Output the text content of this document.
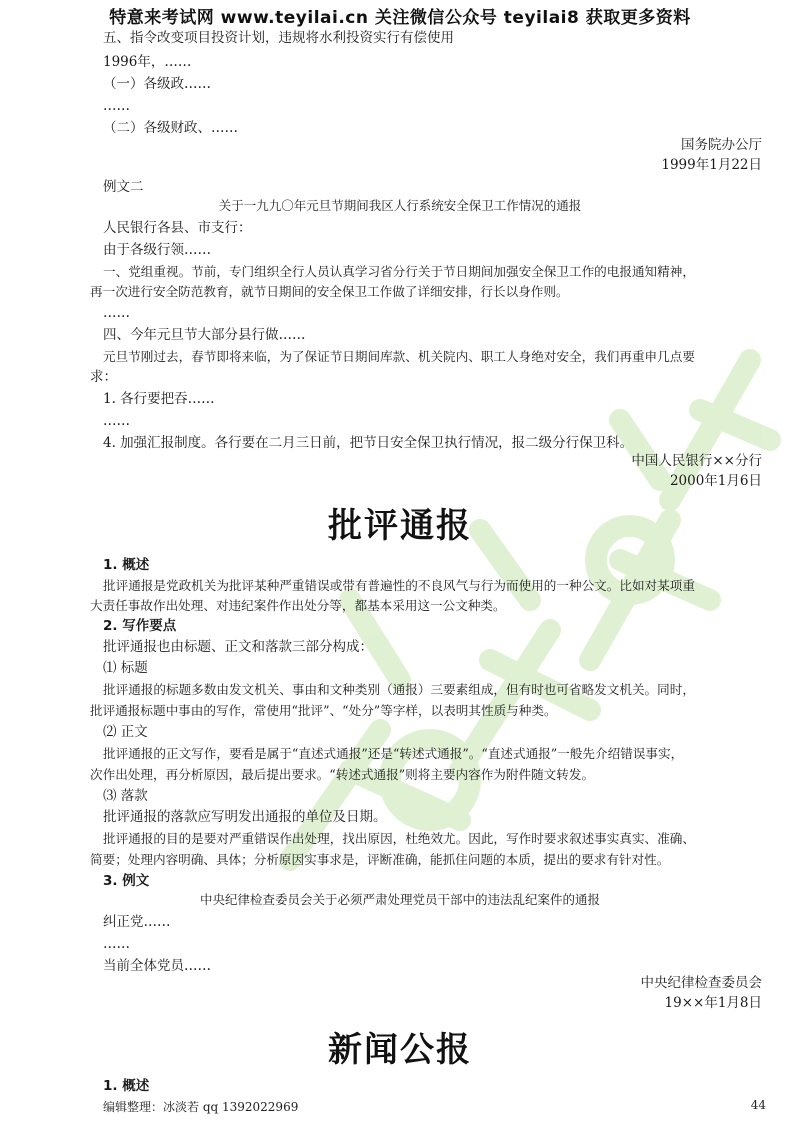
特意来考试网 www.teyilai.cn 关注微信公众号 teyilai8 获取更多资料
五、指令改变项目投资计划，违规将水利投资实行有偿使用
1996年，……
（一）各级政……
……
（二）各级财政、……
国务院办公厅
1999年1月22日
例文二
关于一九九〇年元旦节期间我区人行系统安全保卫工作情况的通报
人民银行各县、市支行：
由于各级行领……
一、党组重视。节前，专门组织全行人员认真学习省分行关于节日期间加强安全保卫工作的电报通知精神，
再一次进行安全防范教育，就节日期间的安全保卫工作做了详细安排，行长以身作则。
……
四、今年元旦节大部分县行做……
元旦节刚过去，春节即将来临，为了保证节日期间库款、机关院内、职工人身绝对安全，我们再重申几点要
求：
1. 各行要把吞……
……
4. 加强汇报制度。各行要在二月三日前，把节日安全保卫执行情况，报二级分行保卫科。
中国人民银行××分行
2000年1月6日
批评通报
1. 概述
批评通报是党政机关为批评某种严重错误或带有普遍性的不良风气与行为而使用的一种公文。比如对某项重
大责任事故作出处理、对违纪案件作出处分等，都基本采用这一公文种类。
2. 写作要点
批评通报也由标题、正文和落款三部分构成：
⑴ 标题
批评通报的标题多数由发文机关、事由和文种类别（通报）三要素组成，但有时也可省略发文机关。同时，
批评通报标题中事由的写作，常使用“批评”、“处分”等字样，以表明其性质与种类。
⑵ 正文
批评通报的正文写作，要看是属于“直述式通报”还是“转述式通报”。“直述式通报”一般先介绍错误事实，
次作出处理，再分析原因，最后提出要求。“转述式通报”则将主要内容作为附件随文转发。
⑶ 落款
批评通报的落款应写明发出通报的单位及日期。
批评通报的目的是要对严重错误作出处理，找出原因，杜绝效尤。因此，写作时要求叙述事实真实、准确、
简要；处理内容明确、具体；分析原因实事求是，评断准确，能抓住问题的本质，提出的要求有针对性。
3. 例文
中央纪律检查委员会关于必须严肃处理党员干部中的违法乱纪案件的通报
纠正党……
……
当前全体党员……
中央纪律检查委员会
19××年1月8日
新闻公报
1. 概述
编辑整理：冰淡若 qq 1392022969	44
